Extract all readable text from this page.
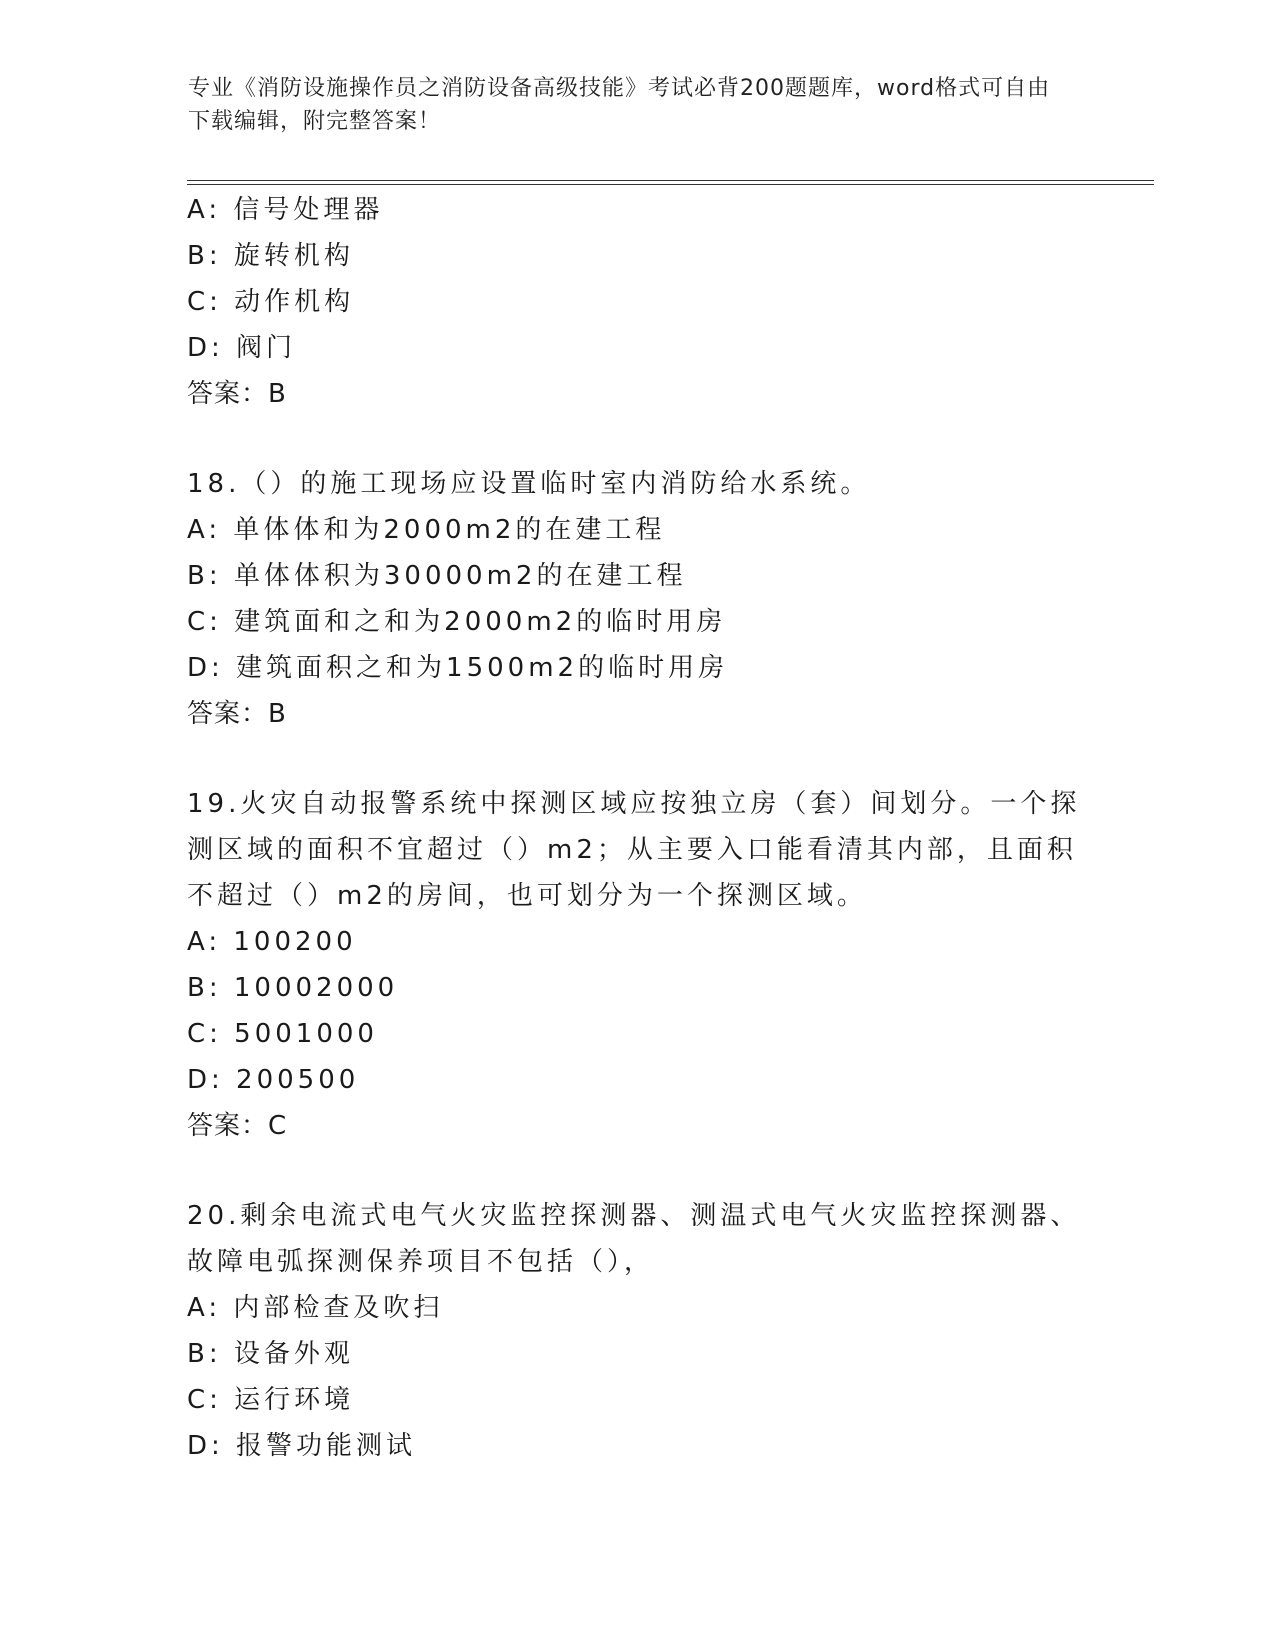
专业《消防设施操作员之消防设备高级技能》考试必背200题题库，word格式可自由下载编辑，附完整答案！
A: 信号处理器
B: 旋转机构
C: 动作机构
D: 阀门
答案：B
18.（）的施工现场应设置临时室内消防给水系统。
A: 单体体和为2000m2的在建工程
B: 单体体积为30000m2的在建工程
C: 建筑面和之和为2000m2的临时用房
D: 建筑面积之和为1500m2的临时用房
答案：B
19.火灾自动报警系统中探测区域应按独立房（套）间划分。一个探测区域的面积不宜超过（）m2；从主要入口能看清其内部，且面积不超过（）m2的房间，也可划分为一个探测区域。
A: 100200
B: 10002000
C: 5001000
D: 200500
答案：C
20.剩余电流式电气火灾监控探测器、测温式电气火灾监控探测器、故障电弧探测保养项目不包括（），
A: 内部检查及吹扫
B: 设备外观
C: 运行环境
D: 报警功能测试
